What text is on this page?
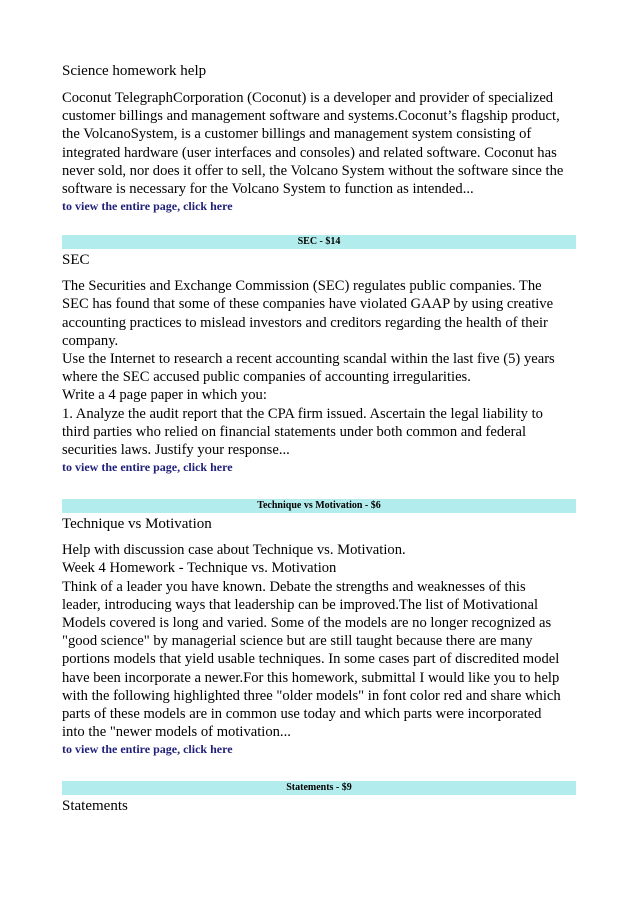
Science homework help

Coconut TelegraphCorporation (Coconut) is a developer and provider of specialized
customer billings and management software and systems.Coconut’s flagship product,
the VolcanoSystem, is a customer billings and management system consisting of
integrated hardware (user interfaces and consoles) and related software. Coconut has
never sold, nor does it offer to sell, the Volcano System without the software since the
software is necessary for the Volcano System to function as intended...

to view the entire page, click here
SEC - $14

SEC

The Securities and Exchange Commission (SEC) regulates public companies. The
SEC has found that some of these companies have violated GAAP by using creative
accounting practices to mislead investors and creditors regarding the health of their
company.
Use the Internet to research a recent accounting scandal within the last five (5) years
where the SEC accused public companies of accounting irregularities.
Write a 4 page paper in which you:
1. Analyze the audit report that the CPA firm issued. Ascertain the legal liability to
third parties who relied on financial statements under both common and federal
securities laws. Justify your response...

to view the entire page, click here
Technique vs Motivation - $6

Technique vs Motivation

Help with discussion case about Technique vs. Motivation.
Week 4 Homework - Technique vs. Motivation
Think of a leader you have known. Debate the strengths and weaknesses of this
leader, introducing ways that leadership can be improved.The list of Motivational
Models covered is long and varied. Some of the models are no longer recognized as
"good science" by managerial science but are still taught because there are many
portions models that yield usable techniques. In some cases part of discredited model
have been incorporate a newer.For this homework, submittal I would like you to help
with the following highlighted three "older models" in font color red and share which
parts of these models are in common use today and which parts were incorporated
into the "newer models of motivation...

to view the entire page, click here
Statements - $9

Statements
